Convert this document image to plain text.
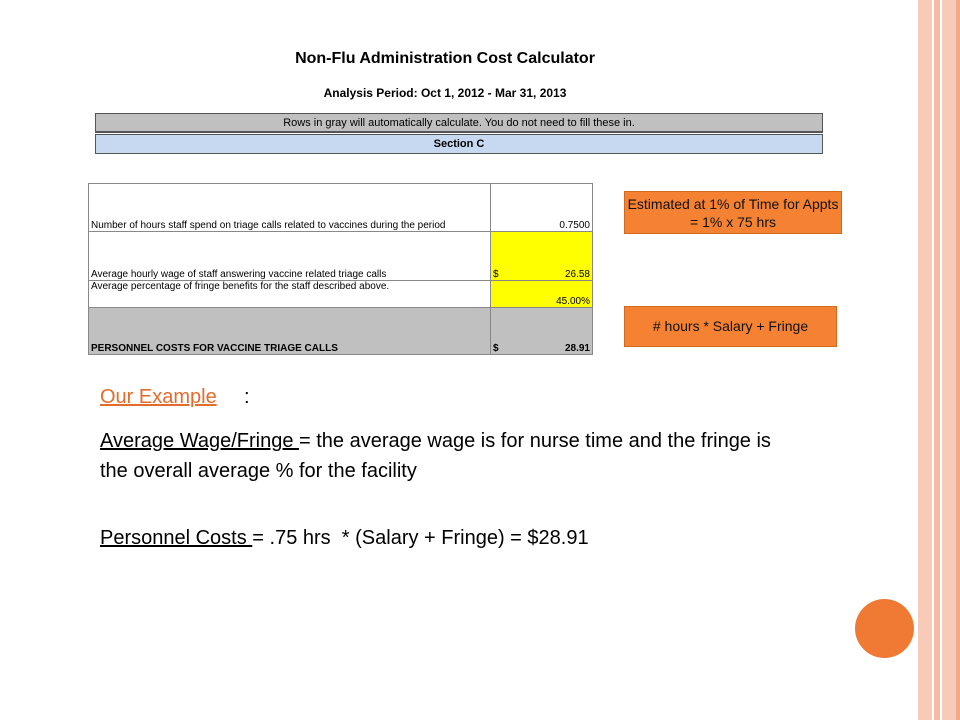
Non-Flu Administration Cost Calculator
Analysis Period: Oct 1, 2012 - Mar 31, 2013
Rows in gray will automatically calculate. You do not need to fill these in.
Section C
Number of hours staff spend on triage calls related to vaccines during the period	0.7500
Average hourly wage of staff answering vaccine related triage calls	$ 26.58
Average percentage of fringe benefits for the staff described above.	45.00%
PERSONNEL COSTS FOR VACCINE TRIAGE CALLS	$ 28.91
Estimated at 1% of Time for Appts = 1% x 75 hrs
# hours * Salary + Fringe
Our Example :
Average Wage/Fringe = the average wage is for nurse time and the fringe is the overall average % for the facility
Personnel Costs = .75 hrs  * (Salary + Fringe) = $28.91
